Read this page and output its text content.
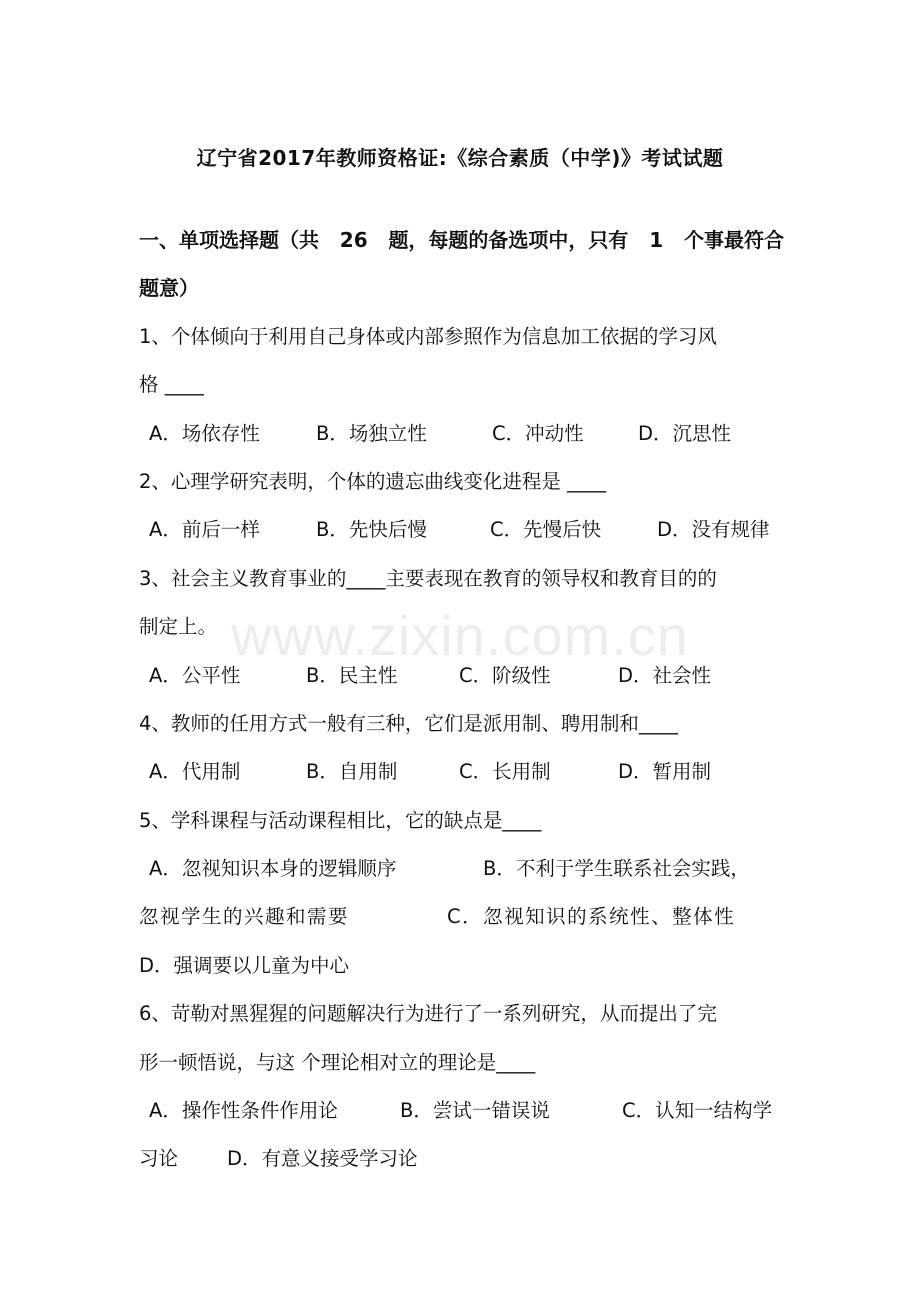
www.zixin.com.cn
辽宁省2017年教师资格证:《综合素质（中学)》考试试题
一、单项选择题（共 26 题，每题的备选项中，只有 1 个事最符合
题意）
1、个体倾向于利用自己身体或内部参照作为信息加工依据的学习风
格 ____
A．场依存性	B．场独立性	C．冲动性	D．沉思性
2、心理学研究表明，个体的遗忘曲线变化进程是 ____
A．前后一样	B．先快后慢	C．先慢后快	D．没有规律
3、社会主义教育事业的____主要表现在教育的领导权和教育目的的
制定上。
A．公平性	B．民主性	C．阶级性	D．社会性
4、教师的任用方式一般有三种，它们是派用制、聘用制和____
A．代用制	B．自用制	C．长用制	D．暂用制
5、学科课程与活动课程相比，它的缺点是____
A．忽视知识本身的逻辑顺序	B．不利于学生联系社会实践，
忽视学生的兴趣和需要	C．忽视知识的系统性、整体性
D．强调要以儿童为中心
6、苛勒对黑猩猩的问题解决行为进行了一系列研究，从而提出了完
形一顿悟说，与这 个理论相对立的理论是____
A．操作性条件作用论	B．尝试一错误说	C．认知一结构学
习论	D．有意义接受学习论
